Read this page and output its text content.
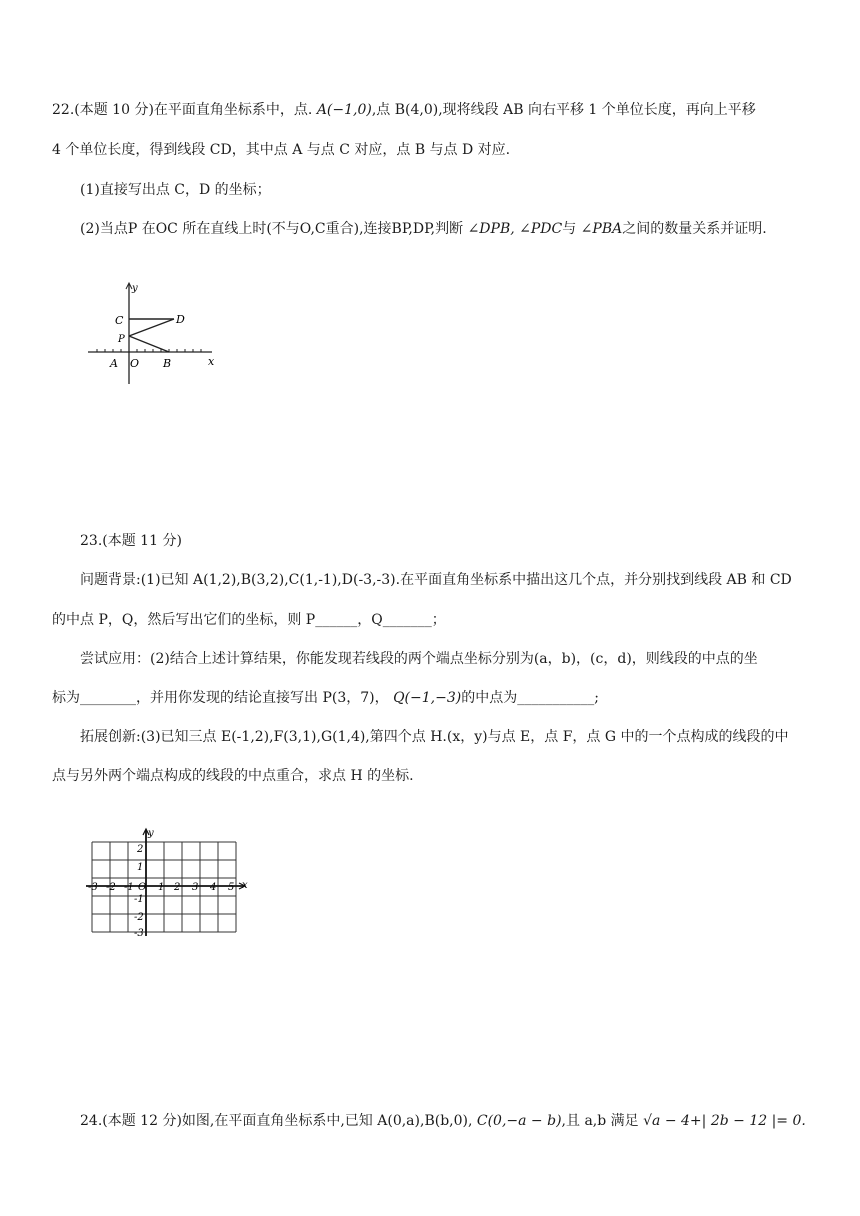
22.(本题 10 分)在平面直角坐标系中，点. A(−1,0),点 B(4,0),现将线段 AB 向右平移 1 个单位长度，再向上平移
4 个单位长度，得到线段 CD，其中点 A 与点 C 对应，点 B 与点 D 对应.
(1)直接写出点 C，D 的坐标；
(2)当点P 在OC 所在直线上时(不与O,C重合),连接BP,DP,判断 ∠DPB, ∠PDC与 ∠PBA之间的数量关系并证明.
y
x
C	D
P
A O B
23.(本题 11 分)
问题背景:(1)已知 A(1,2),B(3,2),C(1,-1),D(-3,-3).在平面直角坐标系中描出这几个点，并分别找到线段 AB 和 CD
的中点 P，Q，然后写出它们的坐标，则 P______，Q_______；
尝试应用：(2)结合上述计算结果，你能发现若线段的两个端点坐标分别为(a，b)，(c，d)，则线段的中点的坐
标为________，并用你发现的结论直接写出 P(3，7)， Q(−1,−3)的中点为___________;
拓展创新:(3)已知三点 E(-1,2),F(3,1),G(1,4),第四个点 H.(x，y)与点 E，点 F，点 G 中的一个点构成的线段的中
点与另外两个端点构成的线段的中点重合，求点 H 的坐标.
y
x
-3 -2 -1 O 1 2 3 4 5
2
1
-1
-2
-3
24.(本题 12 分)如图,在平面直角坐标系中,已知 A(0,a),B(b,0), C(0,−a − b),且 a,b 满足 √a − 4+| 2b − 12 |= 0.
